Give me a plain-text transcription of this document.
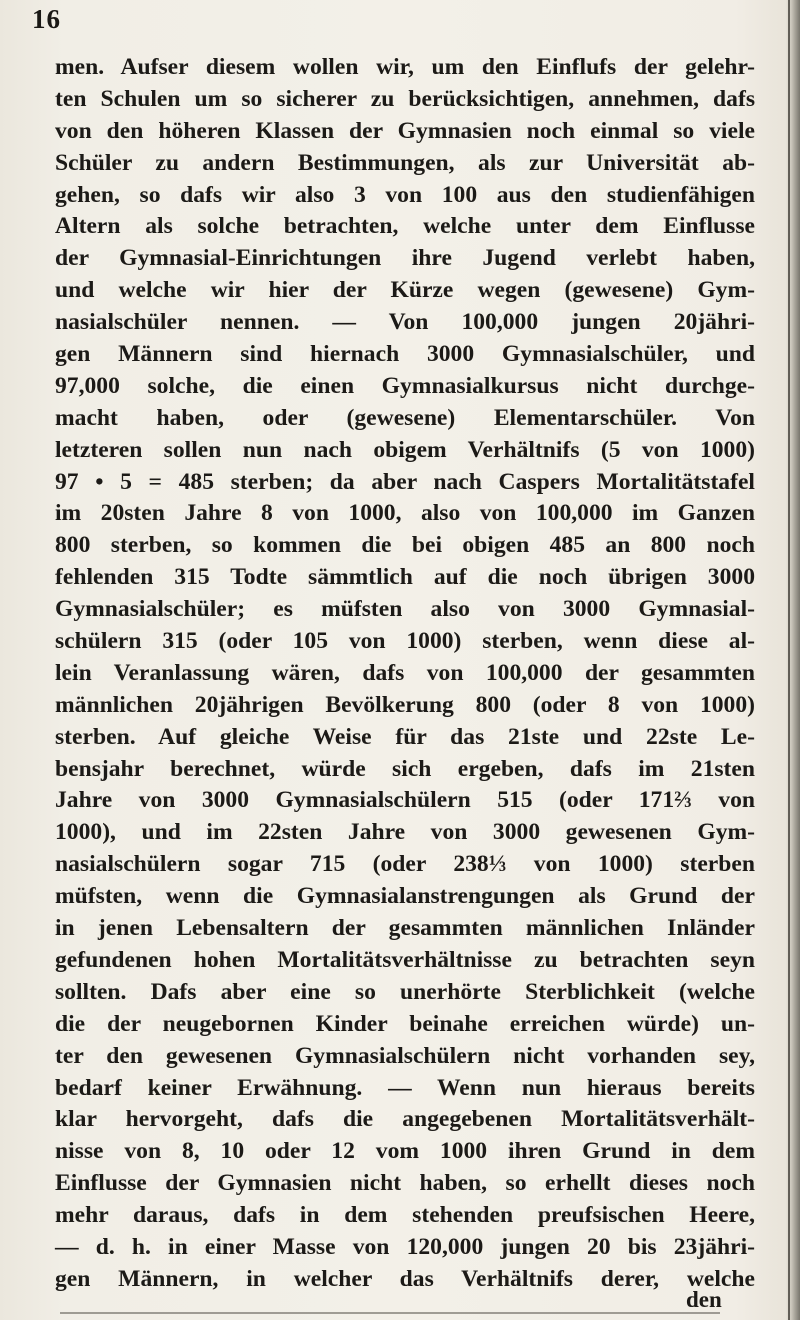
16
men. Aufser diesem wollen wir, um den Einflufs der gelehr-
ten Schulen um so sicherer zu berücksichtigen, annehmen, dafs
von den höheren Klassen der Gymnasien noch einmal so viele
Schüler zu andern Bestimmungen, als zur Universität ab-
gehen, so dafs wir also 3 von 100 aus den studienfähigen
Altern als solche betrachten, welche unter dem Einflusse
der Gymnasial-Einrichtungen ihre Jugend verlebt haben,
und welche wir hier der Kürze wegen (gewesene) Gym-
nasialschüler nennen. — Von 100,000 jungen 20jähri-
gen Männern sind hiernach 3000 Gymnasialschüler, und
97,000 solche, die einen Gymnasialkursus nicht durchge-
macht haben, oder (gewesene) Elementarschüler. Von
letzteren sollen nun nach obigem Verhältnifs (5 von 1000)
97 • 5 = 485 sterben; da aber nach Caspers Mortalitätstafel
im 20sten Jahre 8 von 1000, also von 100,000 im Ganzen
800 sterben, so kommen die bei obigen 485 an 800 noch
fehlenden 315 Todte sämmtlich auf die noch übrigen 3000
Gymnasialschüler; es müfsten also von 3000 Gymnasial-
schülern 315 (oder 105 von 1000) sterben, wenn diese al-
lein Veranlassung wären, dafs von 100,000 der gesammten
männlichen 20jährigen Bevölkerung 800 (oder 8 von 1000)
sterben. Auf gleiche Weise für das 21ste und 22ste Le-
bensjahr berechnet, würde sich ergeben, dafs im 21sten
Jahre von 3000 Gymnasialschülern 515 (oder 171⅔ von
1000), und im 22sten Jahre von 3000 gewesenen Gym-
nasialschülern sogar 715 (oder 238⅓ von 1000) sterben
müfsten, wenn die Gymnasialanstrengungen als Grund der
in jenen Lebensaltern der gesammten männlichen Inländer
gefundenen hohen Mortalitätsverhältnisse zu betrachten seyn
sollten. Dafs aber eine so unerhörte Sterblichkeit (welche
die der neugebornen Kinder beinahe erreichen würde) un-
ter den gewesenen Gymnasialschülern nicht vorhanden sey,
bedarf keiner Erwähnung. — Wenn nun hieraus bereits
klar hervorgeht, dafs die angegebenen Mortalitätsverhält-
nisse von 8, 10 oder 12 vom 1000 ihren Grund in dem
Einflusse der Gymnasien nicht haben, so erhellt dieses noch
mehr daraus, dafs in dem stehenden preufsischen Heere,
— d. h. in einer Masse von 120,000 jungen 20 bis 23jähri-
gen Männern, in welcher das Verhältnifs derer, welche
den
